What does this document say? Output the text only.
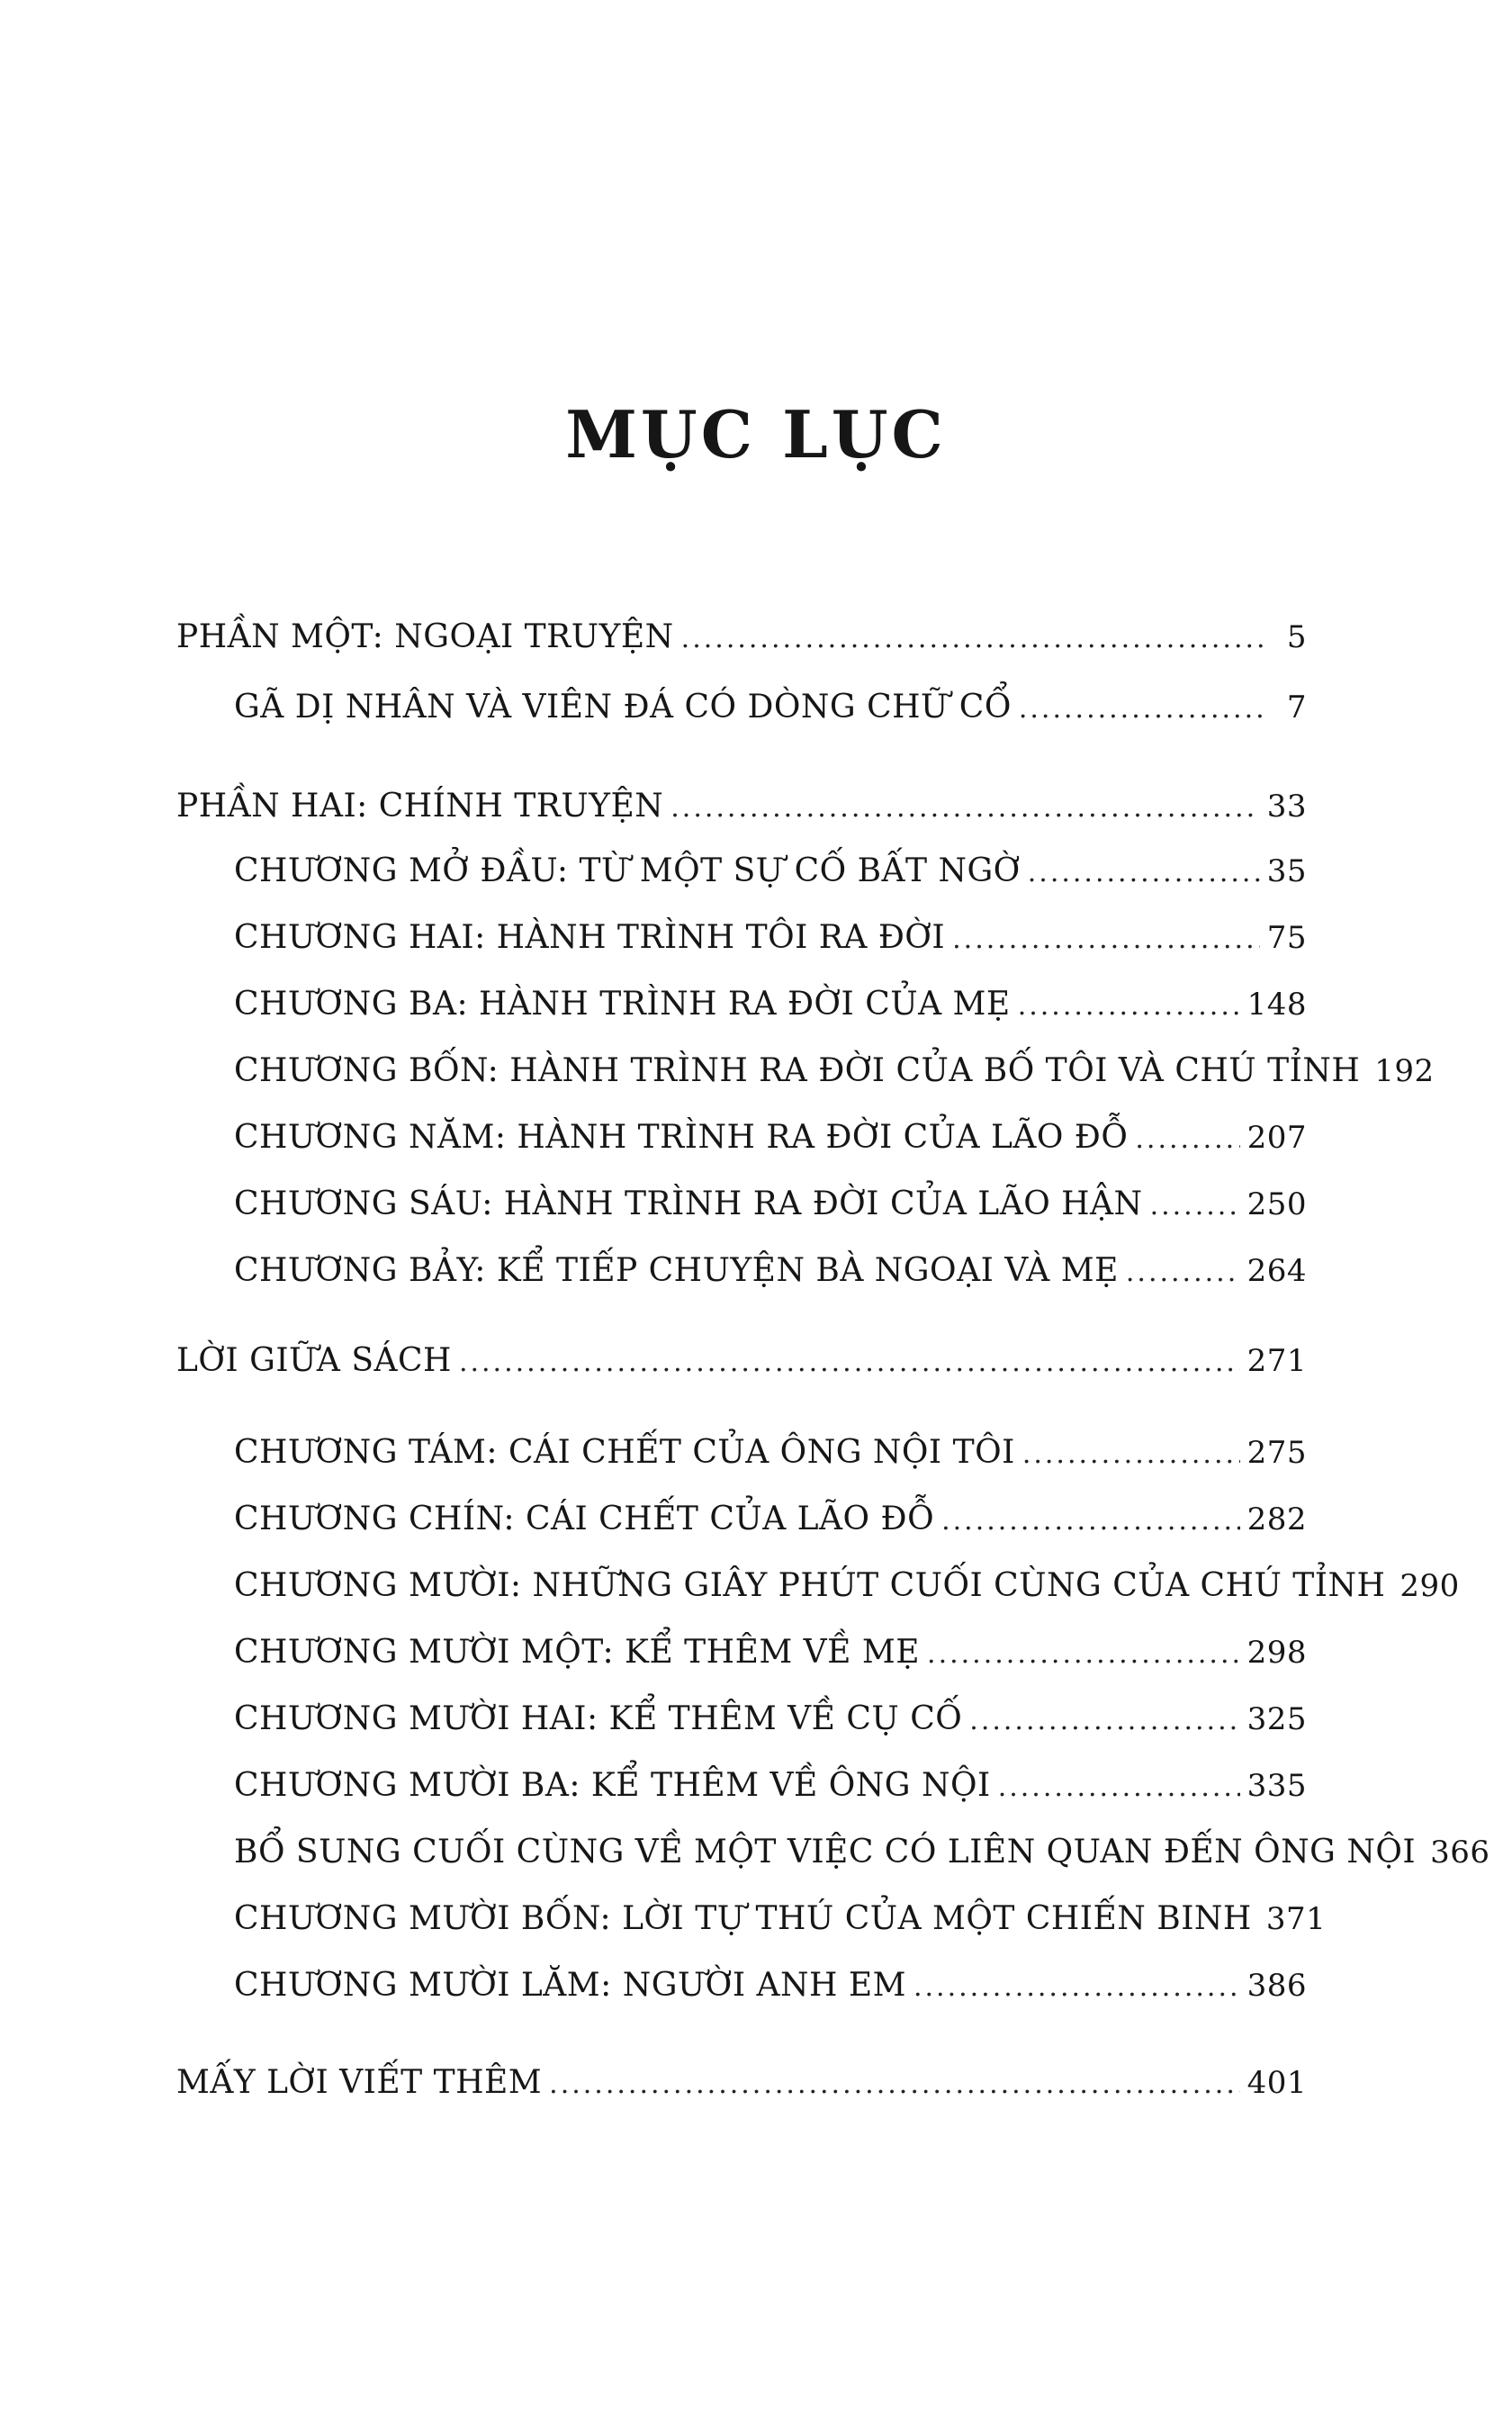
MỤC LỤC
PHẦN MỘT: NGOẠI TRUYỆN .....	5
GÃ DỊ NHÂN VÀ VIÊN ĐÁ CÓ DÒNG CHỮ CỔ .....	7
PHẦN HAI: CHÍNH TRUYỆN .....	33
CHƯƠNG MỞ ĐẦU: TỪ MỘT SỰ CỐ BẤT NGỜ .....	35
CHƯƠNG HAI: HÀNH TRÌNH TÔI RA ĐỜI .....	75
CHƯƠNG BA: HÀNH TRÌNH RA ĐỜI CỦA MẸ .....	148
CHƯƠNG BỐN: HÀNH TRÌNH RA ĐỜI CỦA BỐ TÔI VÀ CHÚ TỈNH 192
CHƯƠNG NĂM: HÀNH TRÌNH RA ĐỜI CỦA LÃO ĐỖ .....	207
CHƯƠNG SÁU: HÀNH TRÌNH RA ĐỜI CỦA LÃO HẬN .....	250
CHƯƠNG BẢY: KỂ TIẾP CHUYỆN BÀ NGOẠI VÀ MẸ .....	264
LỜI GIỮA SÁCH .....	271
CHƯƠNG TÁM: CÁI CHẾT CỦA ÔNG NỘI TÔI .....	275
CHƯƠNG CHÍN: CÁI CHẾT CỦA LÃO ĐỖ .....	282
CHƯƠNG MƯỜI: NHỮNG GIÂY PHÚT CUỐI CÙNG CỦA CHÚ TỈNH 290
CHƯƠNG MƯỜI MỘT: KỂ THÊM VỀ MẸ .....	298
CHƯƠNG MƯỜI HAI: KỂ THÊM VỀ CỤ CỐ .....	325
CHƯƠNG MƯỜI BA: KỂ THÊM VỀ ÔNG NỘI .....	335
BỔ SUNG CUỐI CÙNG VỀ MỘT VIỆC CÓ LIÊN QUAN ĐẾN ÔNG NỘI 366
CHƯƠNG MƯỜI BỐN: LỜI TỰ THÚ CỦA MỘT CHIẾN BINH 371
CHƯƠNG MƯỜI LĂM: NGƯỜI ANH EM .....	386
MẤY LỜI VIẾT THÊM .....	401
